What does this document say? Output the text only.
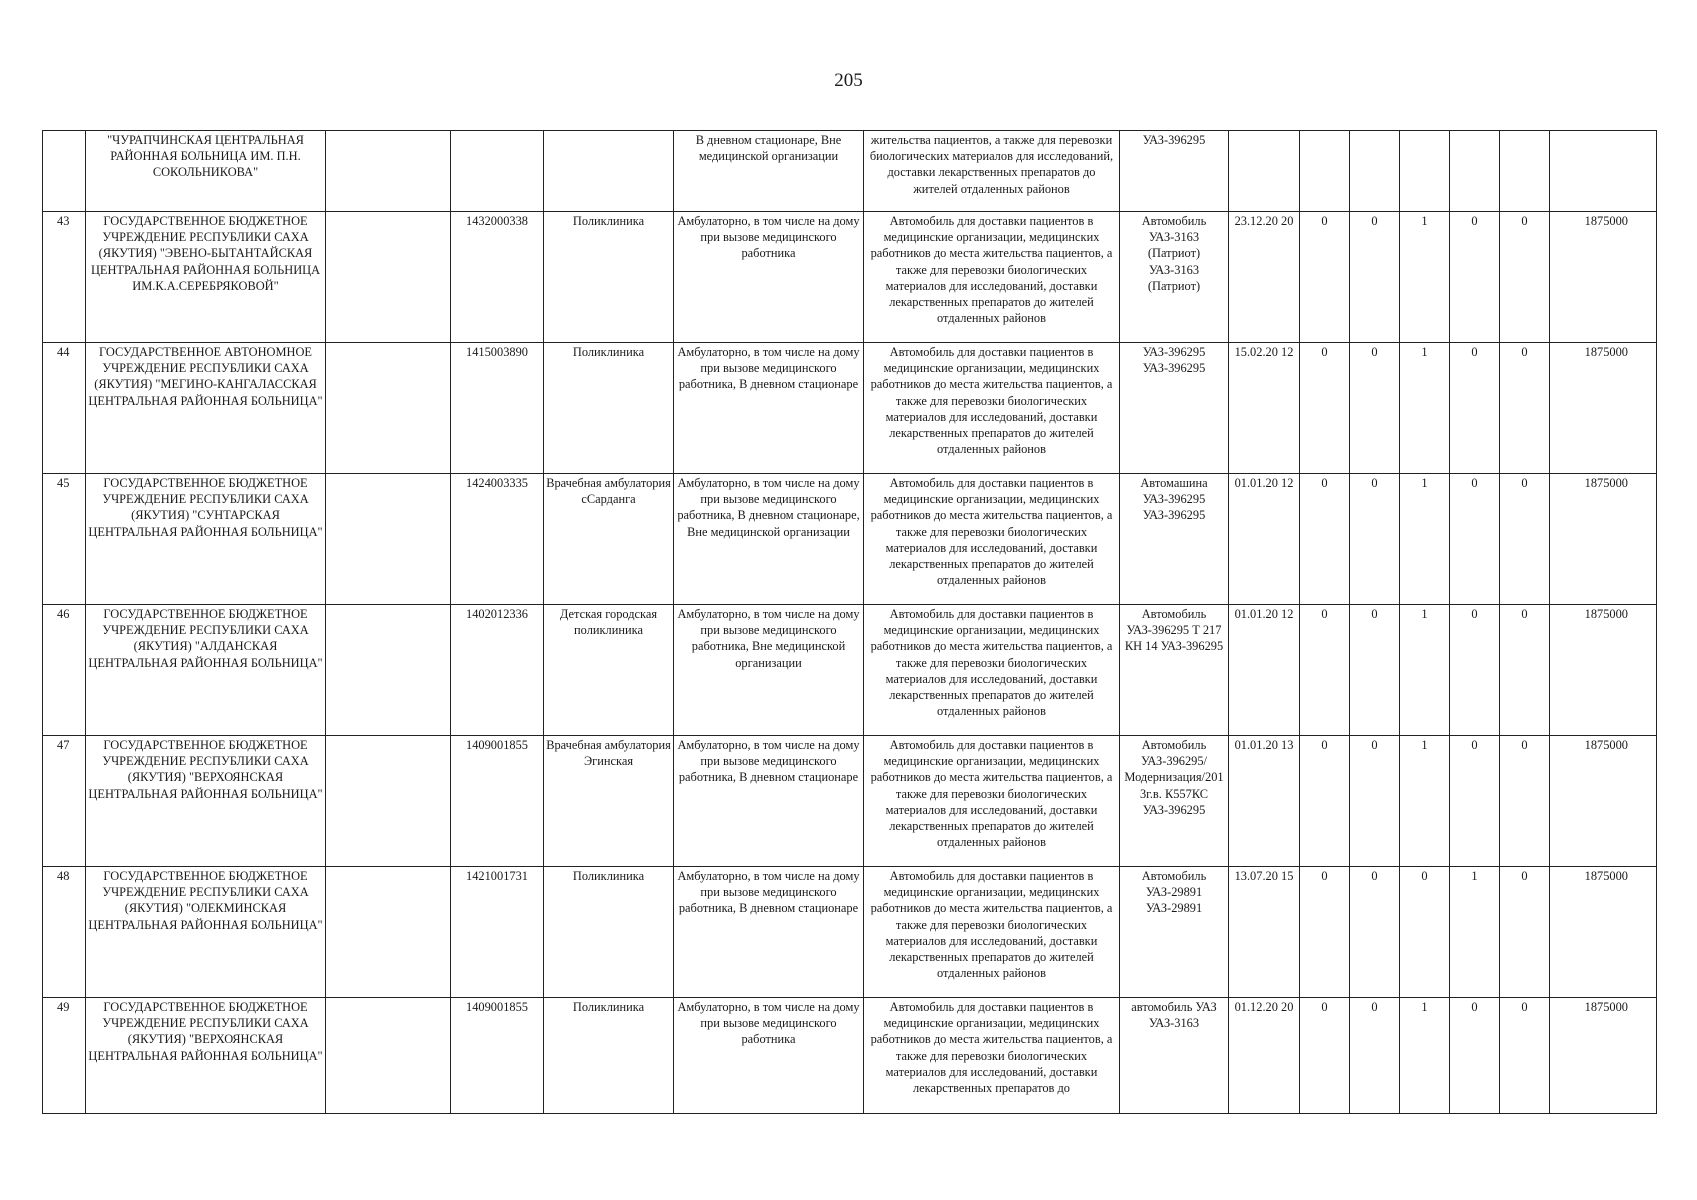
205
	"ЧУРАПЧИНСКАЯ ЦЕНТРАЛЬНАЯ РАЙОННАЯ БОЛЬНИЦА ИМ. П.Н. СОКОЛЬНИКОВА"				В дневном стационаре, Вне медицинской организации	жительства пациентов, а также для перевозки биологических материалов для исследований, доставки лекарственных препаратов до жителей отдаленных районов	УАЗ-396295							
43	ГОСУДАРСТВЕННОЕ БЮДЖЕТНОЕ УЧРЕЖДЕНИЕ РЕСПУБЛИКИ САХА (ЯКУТИЯ) "ЭВЕНО-БЫТАНТАЙСКАЯ ЦЕНТРАЛЬНАЯ РАЙОННАЯ БОЛЬНИЦА ИМ.К.А.СЕРЕБРЯКОВОЙ"		1432000338	Поликлиника	Амбулаторно, в том числе на дому при вызове медицинского работника	Автомобиль для доставки пациентов в медицинские организации, медицинских работников до места жительства пациентов, а также для перевозки биологических материалов для исследований, доставки лекарственных препаратов до жителей отдаленных районов	Автомобиль УАЗ-3163 (Патриот) УАЗ-3163 (Патриот)	23.12.20 20	0	0	1	0	0	1875000
44	ГОСУДАРСТВЕННОЕ АВТОНОМНОЕ УЧРЕЖДЕНИЕ РЕСПУБЛИКИ САХА (ЯКУТИЯ) "МЕГИНО-КАНГАЛАССКАЯ ЦЕНТРАЛЬНАЯ РАЙОННАЯ БОЛЬНИЦА"		1415003890	Поликлиника	Амбулаторно, в том числе на дому при вызове медицинского работника, В дневном стационаре	Автомобиль для доставки пациентов в медицинские организации, медицинских работников до места жительства пациентов, а также для перевозки биологических материалов для исследований, доставки лекарственных препаратов до жителей отдаленных районов	УАЗ-396295 УАЗ-396295	15.02.20 12	0	0	1	0	0	1875000
45	ГОСУДАРСТВЕННОЕ БЮДЖЕТНОЕ УЧРЕЖДЕНИЕ РЕСПУБЛИКИ САХА (ЯКУТИЯ) "СУНТАРСКАЯ ЦЕНТРАЛЬНАЯ РАЙОННАЯ БОЛЬНИЦА"		1424003335	Врачебная амбулатория сСарданга	Амбулаторно, в том числе на дому при вызове медицинского работника, В дневном стационаре, Вне медицинской организации	Автомобиль для доставки пациентов в медицинские организации, медицинских работников до места жительства пациентов, а также для перевозки биологических материалов для исследований, доставки лекарственных препаратов до жителей отдаленных районов	Автомашина УАЗ-396295 УАЗ-396295	01.01.20 12	0	0	1	0	0	1875000
46	ГОСУДАРСТВЕННОЕ БЮДЖЕТНОЕ УЧРЕЖДЕНИЕ РЕСПУБЛИКИ САХА (ЯКУТИЯ) "АЛДАНСКАЯ ЦЕНТРАЛЬНАЯ РАЙОННАЯ БОЛЬНИЦА"		1402012336	Детская городская поликлиника	Амбулаторно, в том числе на дому при вызове медицинского работника, Вне медицинской организации	Автомобиль для доставки пациентов в медицинские организации, медицинских работников до места жительства пациентов, а также для перевозки биологических материалов для исследований, доставки лекарственных препаратов до жителей отдаленных районов	Автомобиль УАЗ-396295 Т 217 КН 14 УАЗ-396295	01.01.20 12	0	0	1	0	0	1875000
47	ГОСУДАРСТВЕННОЕ БЮДЖЕТНОЕ УЧРЕЖДЕНИЕ РЕСПУБЛИКИ САХА (ЯКУТИЯ) "ВЕРХОЯНСКАЯ ЦЕНТРАЛЬНАЯ РАЙОННАЯ БОЛЬНИЦА"		1409001855	Врачебная амбулатория Эгинская	Амбулаторно, в том числе на дому при вызове медицинского работника, В дневном стационаре	Автомобиль для доставки пациентов в медицинские организации, медицинских работников до места жительства пациентов, а также для перевозки биологических материалов для исследований, доставки лекарственных препаратов до жителей отдаленных районов	Автомобиль УАЗ-396295/Модернизация/2013г.в. К557КС УАЗ-396295	01.01.20 13	0	0	1	0	0	1875000
48	ГОСУДАРСТВЕННОЕ БЮДЖЕТНОЕ УЧРЕЖДЕНИЕ РЕСПУБЛИКИ САХА (ЯКУТИЯ) "ОЛЕКМИНСКАЯ ЦЕНТРАЛЬНАЯ РАЙОННАЯ БОЛЬНИЦА"		1421001731	Поликлиника	Амбулаторно, в том числе на дому при вызове медицинского работника, В дневном стационаре	Автомобиль для доставки пациентов в медицинские организации, медицинских работников до места жительства пациентов, а также для перевозки биологических материалов для исследований, доставки лекарственных препаратов до жителей отдаленных районов	Автомобиль УАЗ-29891 УАЗ-29891	13.07.20 15	0	0	0	1	0	1875000
49	ГОСУДАРСТВЕННОЕ БЮДЖЕТНОЕ УЧРЕЖДЕНИЕ РЕСПУБЛИКИ САХА (ЯКУТИЯ) "ВЕРХОЯНСКАЯ ЦЕНТРАЛЬНАЯ РАЙОННАЯ БОЛЬНИЦА"		1409001855	Поликлиника	Амбулаторно, в том числе на дому при вызове медицинского работника	Автомобиль для доставки пациентов в медицинские организации, медицинских работников до места жительства пациентов, а также для перевозки биологических материалов для исследований, доставки лекарственных препаратов до	автомобиль УАЗ УАЗ-3163	01.12.20 20	0	0	1	0	0	1875000
